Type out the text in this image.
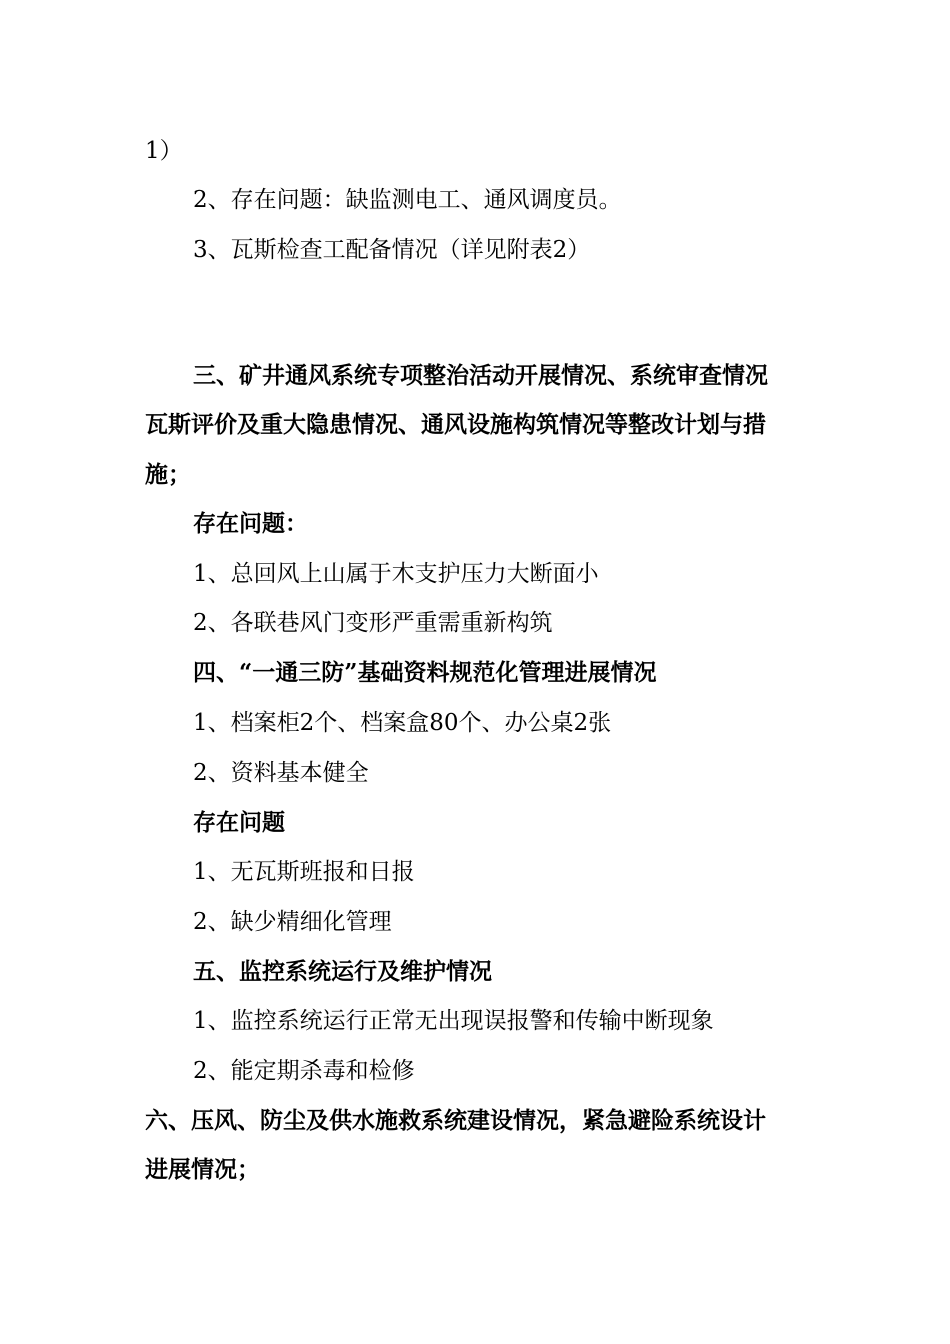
1）
2、存在问题：缺监测电工、通风调度员。
3、瓦斯检查工配备情况（详见附表2）
三、矿井通风系统专项整治活动开展情况、系统审查情况
瓦斯评价及重大隐患情况、通风设施构筑情况等整改计划与措
施；
存在问题：
1、总回风上山属于木支护压力大断面小
2、各联巷风门变形严重需重新构筑
四、“一通三防”基础资料规范化管理进展情况
1、档案柜2个、档案盒80个、办公桌2张
2、资料基本健全
存在问题
1、无瓦斯班报和日报
2、缺少精细化管理
五、监控系统运行及维护情况
1、监控系统运行正常无出现误报警和传输中断现象
2、能定期杀毒和检修
六、压风、防尘及供水施救系统建设情况，紧急避险系统设计
进展情况；
